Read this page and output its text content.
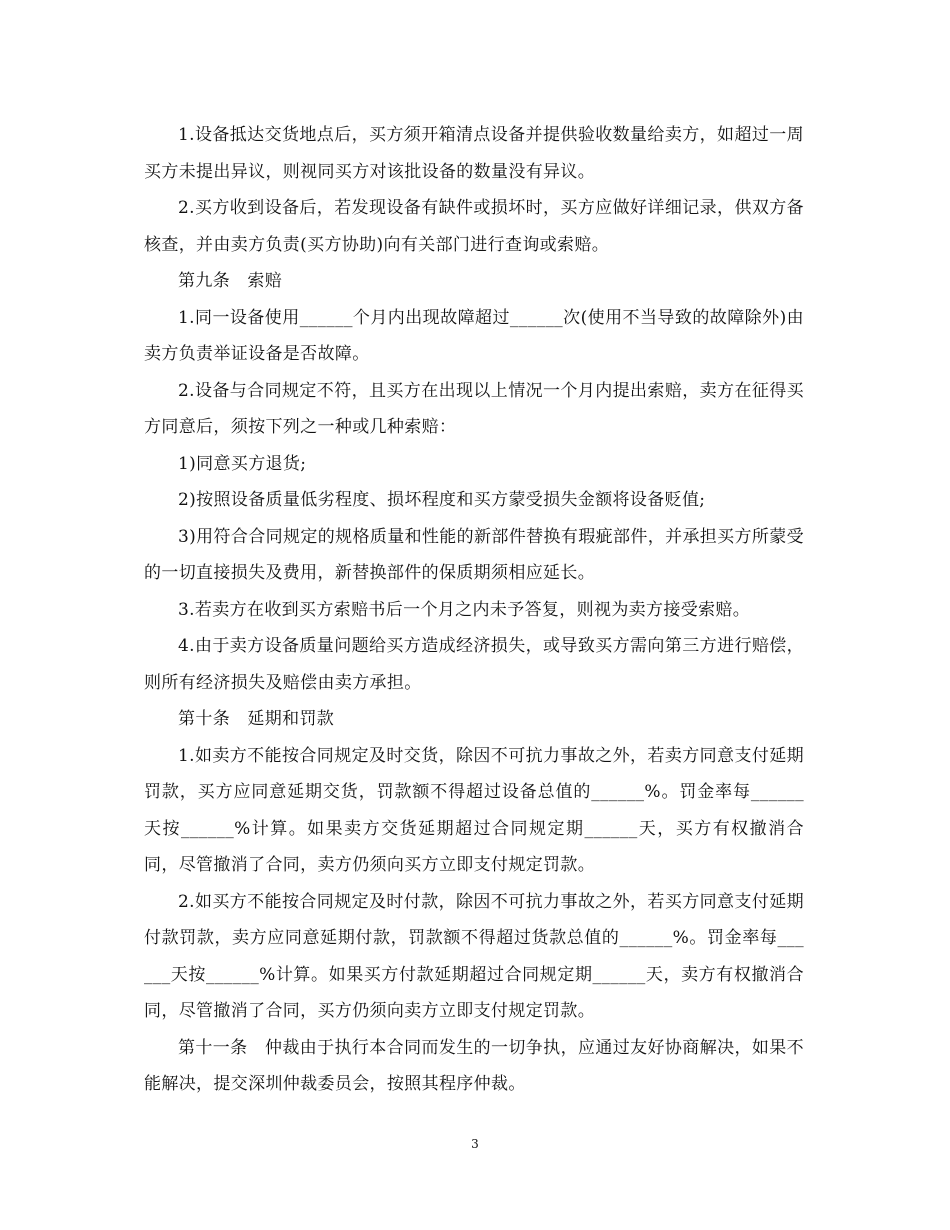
1.设备抵达交货地点后，买方须开箱清点设备并提供验收数量给卖方，如超过一周买方未提出异议，则视同买方对该批设备的数量没有异议。

2.买方收到设备后，若发现设备有缺件或损坏时，买方应做好详细记录，供双方备核查，并由卖方负责(买方协助)向有关部门进行查询或索赔。

第九条　索赔

1.同一设备使用______个月内出现故障超过______次(使用不当导致的故障除外)由卖方负责举证设备是否故障。

2.设备与合同规定不符，且买方在出现以上情况一个月内提出索赔，卖方在征得买方同意后，须按下列之一种或几种索赔：

1)同意买方退货;

2)按照设备质量低劣程度、损坏程度和买方蒙受损失金额将设备贬值;

3)用符合合同规定的规格质量和性能的新部件替换有瑕疵部件，并承担买方所蒙受的一切直接损失及费用，新替换部件的保质期须相应延长。

3.若卖方在收到买方索赔书后一个月之内未予答复，则视为卖方接受索赔。

4.由于卖方设备质量问题给买方造成经济损失，或导致买方需向第三方进行赔偿，则所有经济损失及赔偿由卖方承担。

第十条　延期和罚款

1.如卖方不能按合同规定及时交货，除因不可抗力事故之外，若卖方同意支付延期罚款，买方应同意延期交货，罚款额不得超过设备总值的______%。罚金率每______天按______%计算。如果卖方交货延期超过合同规定期______天，买方有权撤消合同，尽管撤消了合同，卖方仍须向买方立即支付规定罚款。

2.如买方不能按合同规定及时付款，除因不可抗力事故之外，若买方同意支付延期付款罚款，卖方应同意延期付款，罚款额不得超过货款总值的______%。罚金率每______天按______%计算。如果买方付款延期超过合同规定期______天，卖方有权撤消合同，尽管撤消了合同，买方仍须向卖方立即支付规定罚款。

第十一条　仲裁由于执行本合同而发生的一切争执，应通过友好协商解决，如果不能解决，提交深圳仲裁委员会，按照其程序仲裁。

3
